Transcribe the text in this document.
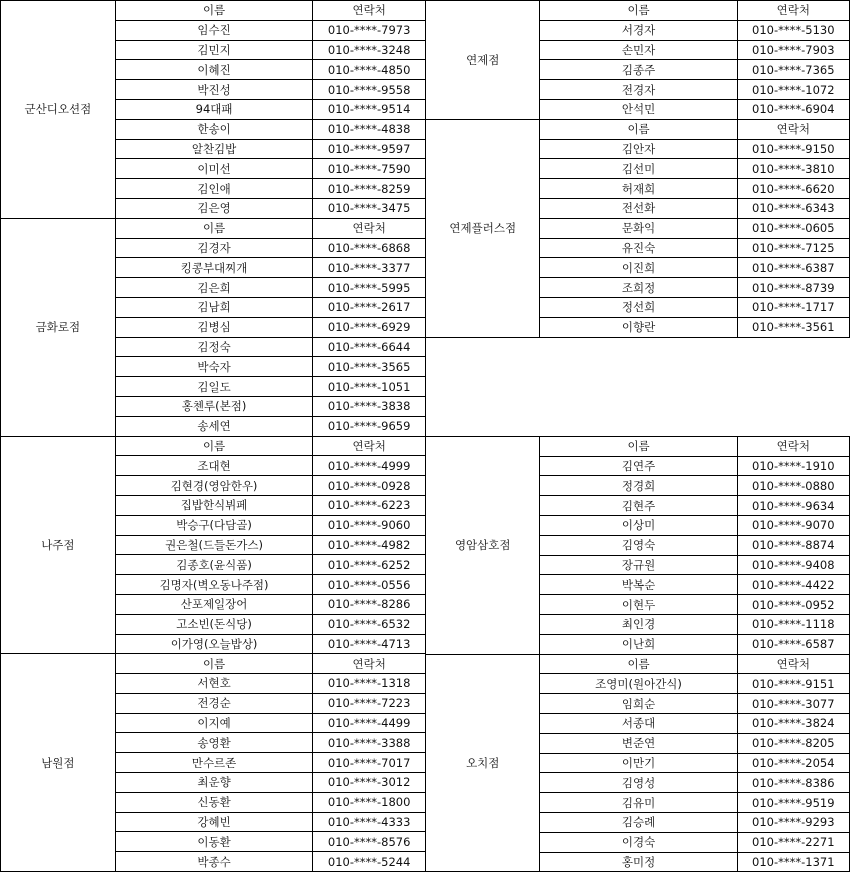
군산디오션점	이름	연락처
	임수진	010-****-7973
	김민지	010-****-3248
	이혜진	010-****-4850
	박진성	010-****-9558
	94대패	010-****-9514
	한송이	010-****-4838
	알찬김밥	010-****-9597
	이미선	010-****-7590
	김인애	010-****-8259
	김은영	010-****-3475
금화로점	이름	연락처
	김경자	010-****-6868
	킹콩부대찌개	010-****-3377
	김은희	010-****-5995
	김남희	010-****-2617
	김병심	010-****-6929
	김정숙	010-****-6644
	박숙자	010-****-3565
	김일도	010-****-1051
	홍첸루(본점)	010-****-3838
	송세연	010-****-9659
나주점	이름	연락처
	조대현	010-****-4999
	김현경(영암한우)	010-****-0928
	집밥한식뷔페	010-****-6223
	박승구(다담골)	010-****-9060
	권은철(드들돈가스)	010-****-4982
	김종호(윤식품)	010-****-6252
	김명자(벽오동나주점)	010-****-0556
	산포제일장어	010-****-8286
	고소빈(돈식당)	010-****-6532
	이가영(오늘밥상)	010-****-4713
남원점	이름	연락처
	서현호	010-****-1318
	전경순	010-****-7223
	이지예	010-****-4499
	송영환	010-****-3388
	만수르존	010-****-7017
	최운향	010-****-3012
	신동환	010-****-1800
	강혜빈	010-****-4333
	이동환	010-****-8576
	박종수	010-****-5244
연제점	이름	연락처
	서경자	010-****-5130
	손민자	010-****-7903
	김종주	010-****-7365
	전경자	010-****-1072
	안석민	010-****-6904
연제플러스점	이름	연락처
	김안자	010-****-9150
	김선미	010-****-3810
	허재희	010-****-6620
	전선화	010-****-6343
	문화익	010-****-0605
	유진숙	010-****-7125
	이진희	010-****-6387
	조희정	010-****-8739
	정선희	010-****-1717
	이향란	010-****-3561
영암삼호점	이름	연락처
	김연주	010-****-1910
	정경희	010-****-0880
	김현주	010-****-9634
	이상미	010-****-9070
	김영숙	010-****-8874
	장규원	010-****-9408
	박복순	010-****-4422
	이현두	010-****-0952
	최인경	010-****-1118
	이난희	010-****-6587
오치점	이름	연락처
	조영미(원아간식)	010-****-9151
	임희순	010-****-3077
	서종대	010-****-3824
	변준연	010-****-8205
	이만기	010-****-2054
	김영성	010-****-8386
	김유미	010-****-9519
	김승례	010-****-9293
	이경숙	010-****-2271
	홍미정	010-****-1371
